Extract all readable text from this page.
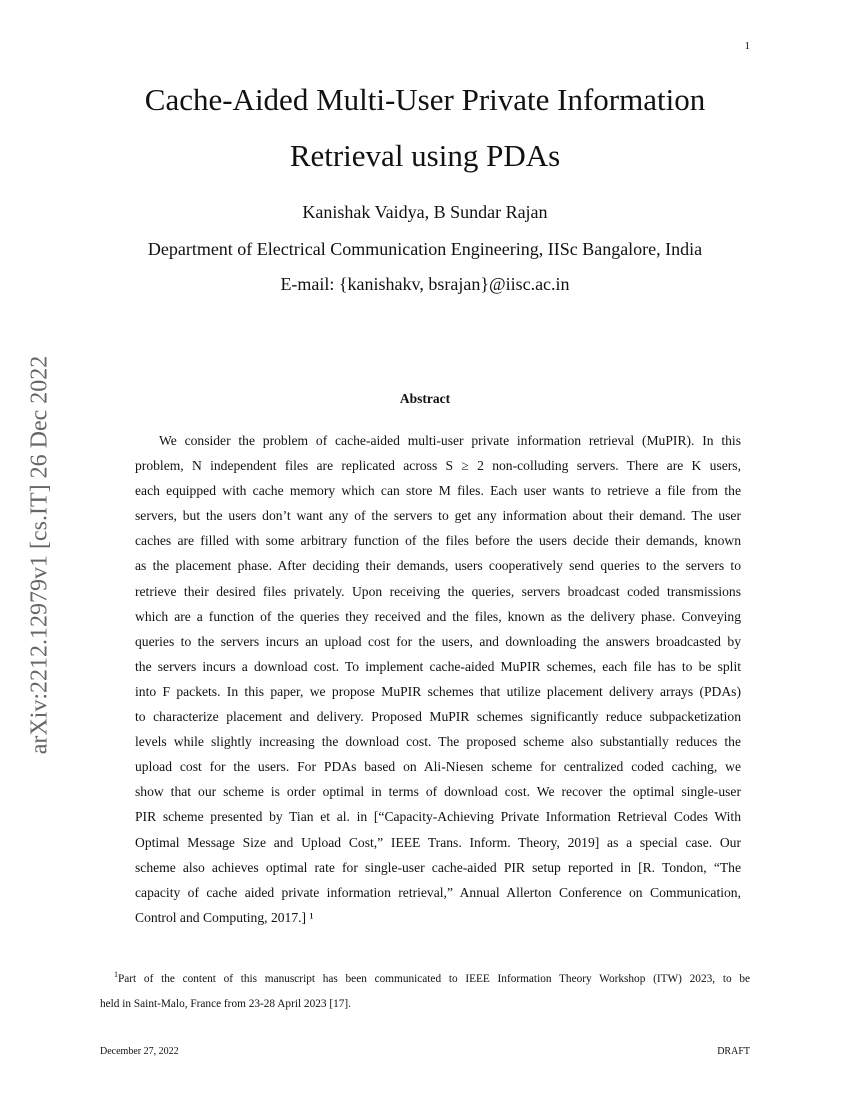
1
arXiv:2212.12979v1 [cs.IT] 26 Dec 2022
Cache-Aided Multi-User Private Information
Retrieval using PDAs
Kanishak Vaidya, B Sundar Rajan
Department of Electrical Communication Engineering, IISc Bangalore, India
E-mail: {kanishakv, bsrajan}@iisc.ac.in
Abstract
We consider the problem of cache-aided multi-user private information retrieval (MuPIR). In this
problem, N independent files are replicated across S ≥ 2 non-colluding servers. There are K users,
each equipped with cache memory which can store M files. Each user wants to retrieve a file from the
servers, but the users don’t want any of the servers to get any information about their demand. The user
caches are filled with some arbitrary function of the files before the users decide their demands, known
as the placement phase. After deciding their demands, users cooperatively send queries to the servers to
retrieve their desired files privately. Upon receiving the queries, servers broadcast coded transmissions
which are a function of the queries they received and the files, known as the delivery phase. Conveying
queries to the servers incurs an upload cost for the users, and downloading the answers broadcasted by
the servers incurs a download cost. To implement cache-aided MuPIR schemes, each file has to be split
into F packets. In this paper, we propose MuPIR schemes that utilize placement delivery arrays (PDAs)
to characterize placement and delivery. Proposed MuPIR schemes significantly reduce subpacketization
levels while slightly increasing the download cost. The proposed scheme also substantially reduces the
upload cost for the users. For PDAs based on Ali-Niesen scheme for centralized coded caching, we
show that our scheme is order optimal in terms of download cost. We recover the optimal single-user
PIR scheme presented by Tian et al. in [“Capacity-Achieving Private Information Retrieval Codes With
Optimal Message Size and Upload Cost,” IEEE Trans. Inform. Theory, 2019] as a special case. Our
scheme also achieves optimal rate for single-user cache-aided PIR setup reported in [R. Tondon, “The
capacity of cache aided private information retrieval,” Annual Allerton Conference on Communication,
Control and Computing, 2017.] ¹
$^1$Part of the content of this manuscript has been communicated to IEEE Information Theory Workshop (ITW) 2023, to be
held in Saint-Malo, France from 23-28 April 2023 [17].
December 27, 2022	DRAFT
